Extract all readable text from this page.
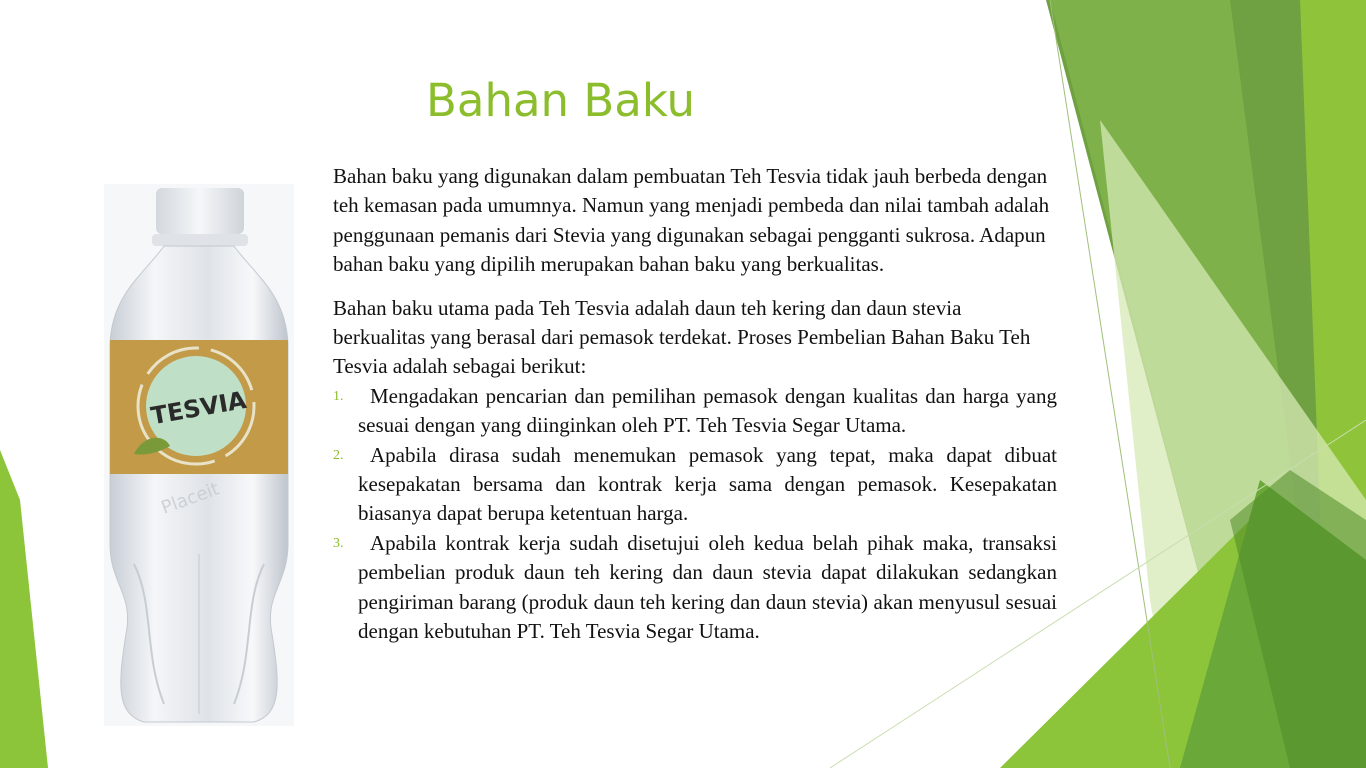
Bahan Baku
TESVIA
Placeit

Bahan baku yang digunakan dalam pembuatan Teh Tesvia tidak jauh berbeda dengan teh kemasan pada umumnya. Namun yang menjadi pembeda dan nilai tambah adalah penggunaan pemanis dari Stevia yang digunakan sebagai pengganti sukrosa. Adapun bahan baku yang dipilih merupakan bahan baku yang berkualitas.

Bahan baku utama pada Teh Tesvia adalah daun teh kering dan daun stevia berkualitas yang berasal dari pemasok terdekat. Proses Pembelian Bahan Baku Teh Tesvia adalah sebagai berikut:

1. Mengadakan pencarian dan pemilihan pemasok dengan kualitas dan harga yang sesuai dengan yang diinginkan oleh PT. Teh Tesvia Segar Utama.
2. Apabila dirasa sudah menemukan pemasok yang tepat, maka dapat dibuat kesepakatan bersama dan kontrak kerja sama dengan pemasok. Kesepakatan biasanya dapat berupa ketentuan harga.
3. Apabila kontrak kerja sudah disetujui oleh kedua belah pihak maka, transaksi pembelian produk daun teh kering dan daun stevia dapat dilakukan sedangkan pengiriman barang (produk daun teh kering dan daun stevia) akan menyusul sesuai dengan kebutuhan PT. Teh Tesvia Segar Utama.
